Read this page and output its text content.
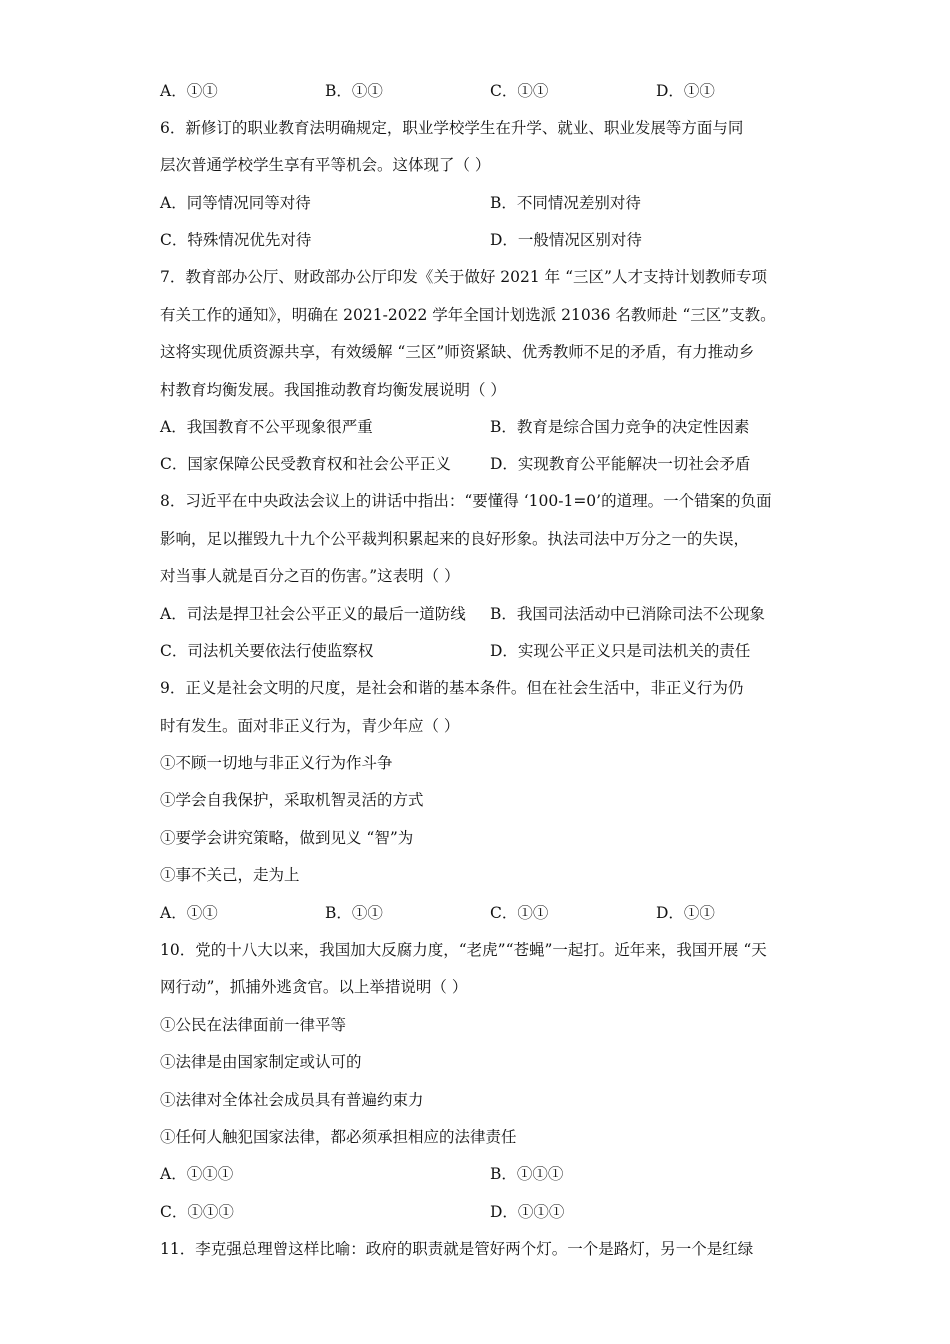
A．①①	B．①①	C．①①	D．①①
6．新修订的职业教育法明确规定，职业学校学生在升学、就业、职业发展等方面与同
层次普通学校学生享有平等机会。这体现了（ ）
A．同等情况同等对待	B．不同情况差别对待
C．特殊情况优先对待	D．一般情况区别对待
7．教育部办公厅、财政部办公厅印发《关于做好 2021 年 “三区”人才支持计划教师专项
有关工作的通知》，明确在 2021-2022 学年全国计划选派 21036 名教师赴 “三区”支教。
这将实现优质资源共享，有效缓解 “三区”师资紧缺、优秀教师不足的矛盾，有力推动乡
村教育均衡发展。我国推动教育均衡发展说明（ ）
A．我国教育不公平现象很严重	B．教育是综合国力竞争的决定性因素
C．国家保障公民受教育权和社会公平正义	D．实现教育公平能解决一切社会矛盾
8．习近平在中央政法会议上的讲话中指出：“要懂得 ‘100-1=0’的道理。一个错案的负面
影响，足以摧毁九十九个公平裁判积累起来的良好形象。执法司法中万分之一的失误，
对当事人就是百分之百的伤害。”这表明（ ）
A．司法是捍卫社会公平正义的最后一道防线 B．我国司法活动中已消除司法不公现象
C．司法机关要依法行使监察权	D．实现公平正义只是司法机关的责任
9．正义是社会文明的尺度，是社会和谐的基本条件。但在社会生活中，非正义行为仍
时有发生。面对非正义行为，青少年应（ ）
①不顾一切地与非正义行为作斗争
①学会自我保护，采取机智灵活的方式
①要学会讲究策略，做到见义 “智”为
①事不关己，走为上
A．①①	B．①①	C．①①	D．①①
10．党的十八大以来，我国加大反腐力度，“老虎”“苍蝇”一起打。近年来，我国开展 “天
网行动”，抓捕外逃贪官。以上举措说明（ ）
①公民在法律面前一律平等
①法律是由国家制定或认可的
①法律对全体社会成员具有普遍约束力
①任何人触犯国家法律，都必须承担相应的法律责任
A．①①①	B．①①①
C．①①①	D．①①①
11．李克强总理曾这样比喻：政府的职责就是管好两个灯。一个是路灯，另一个是红绿
